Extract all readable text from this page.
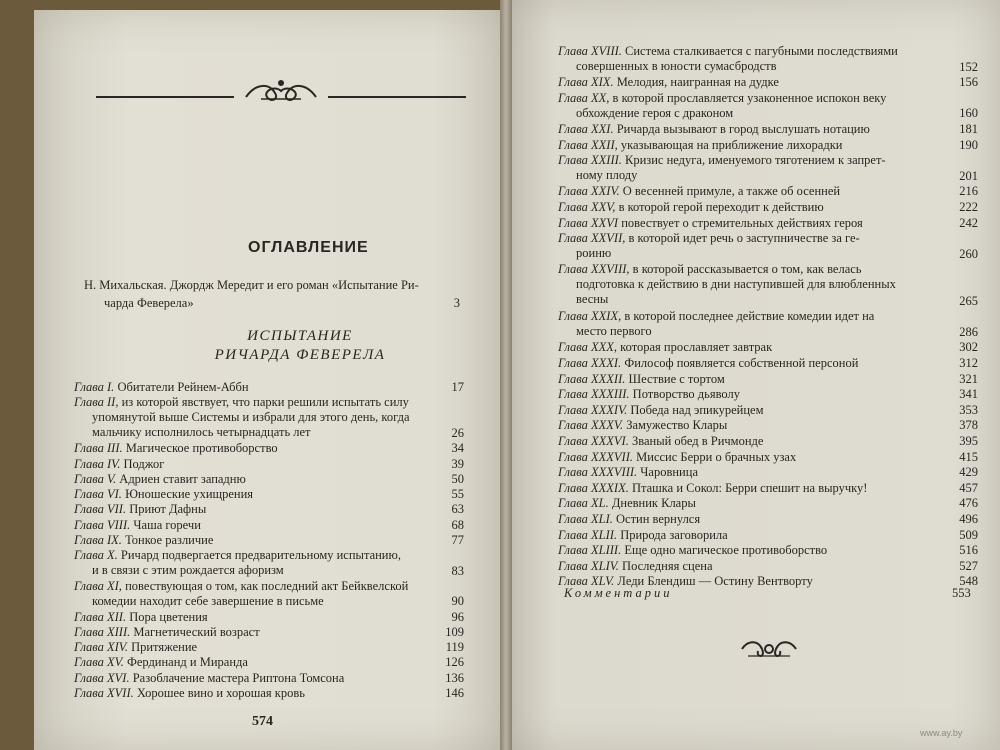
ОГЛАВЛЕНИЕ
Н. Михальская. Джордж Мередит и его роман «Испытание Ри-
чарда Феверела»	3
ИСПЫТАНИЕ
РИЧАРДА ФЕВЕРЕЛА
Глава I. Обитатели Рейнем-Аббн	17
Глава II, из которой явствует, что парки решили испытать силу
упомянутой выше Системы и избрали для этого день, когда
мальчику исполнилось четырнадцать лет	26
Глава III. Магическое противоборство	34
Глава IV. Поджог	39
Глава V. Адриен ставит западню	50
Глава VI. Юношеские ухищрения	55
Глава VII. Приют Дафны	63
Глава VIII. Чаша горечи	68
Глава IX. Тонкое различие	77
Глава X. Ричард подвергается предварительному испытанию,
и в связи с этим рождается афоризм	83
Глава XI, повествующая о том, как последний акт Бейквелской
комедии находит себе завершение в письме	90
Глава XII. Пора цветения	96
Глава XIII. Магнетический возраст	109
Глава XIV. Притяжение	119
Глава XV. Фердинанд и Миранда	126
Глава XVI. Разоблачение мастера Риптона Томсона	136
Глава XVII. Хорошее вино и хорошая кровь	146
Глава XVIII. Система сталкивается с пагубными последствиями
совершенных в юности сумасбродств	152
Глава XIX. Мелодия, наигранная на дудке	156
Глава XX, в которой прославляется узаконенное испокон веку
обхождение героя с драконом	160
Глава XXI. Ричарда вызывают в город выслушать нотацию	181
Глава XXII, указывающая на приближение лихорадки	190
Глава XXIII. Кризис недуга, именуемого тяготением к запрет-
ному плоду	201
Глава XXIV. О весенней примуле, а также об осенней	216
Глава XXV, в которой герой переходит к действию	222
Глава XXVI повествует о стремительных действиях героя	242
Глава XXVII, в которой идет речь о заступничестве за ге-
роиню	260
Глава XXVIII, в которой рассказывается о том, как велась
подготовка к действию в дни наступившей для влюбленных
весны	265
Глава XXIX, в которой последнее действие комедии идет на
место первого	286
Глава XXX, которая прославляет завтрак	302
Глава XXXI. Философ появляется собственной персоной	312
Глава XXXII. Шествие с тортом	321
Глава XXXIII. Потворство дьяволу	341
Глава XXXIV. Победа над эпикурейцем	353
Глава XXXV. Замужество Клары	378
Глава XXXVI. Званый обед в Ричмонде	395
Глава XXXVII. Миссис Берри о брачных узах	415
Глава XXXVIII. Чаровница	429
Глава XXXIX. Пташка и Сокол: Берри спешит на выручку!	457
Глава XL. Дневник Клары	476
Глава XLI. Остин вернулся	496
Глава XLII. Природа заговорила	509
Глава XLIII. Еще одно магическое противоборство	516
Глава XLIV. Последняя сцена	527
Глава XLV. Леди Блендиш — Остину Вентворту	548
574
Комментарии	553
www.ay.by
